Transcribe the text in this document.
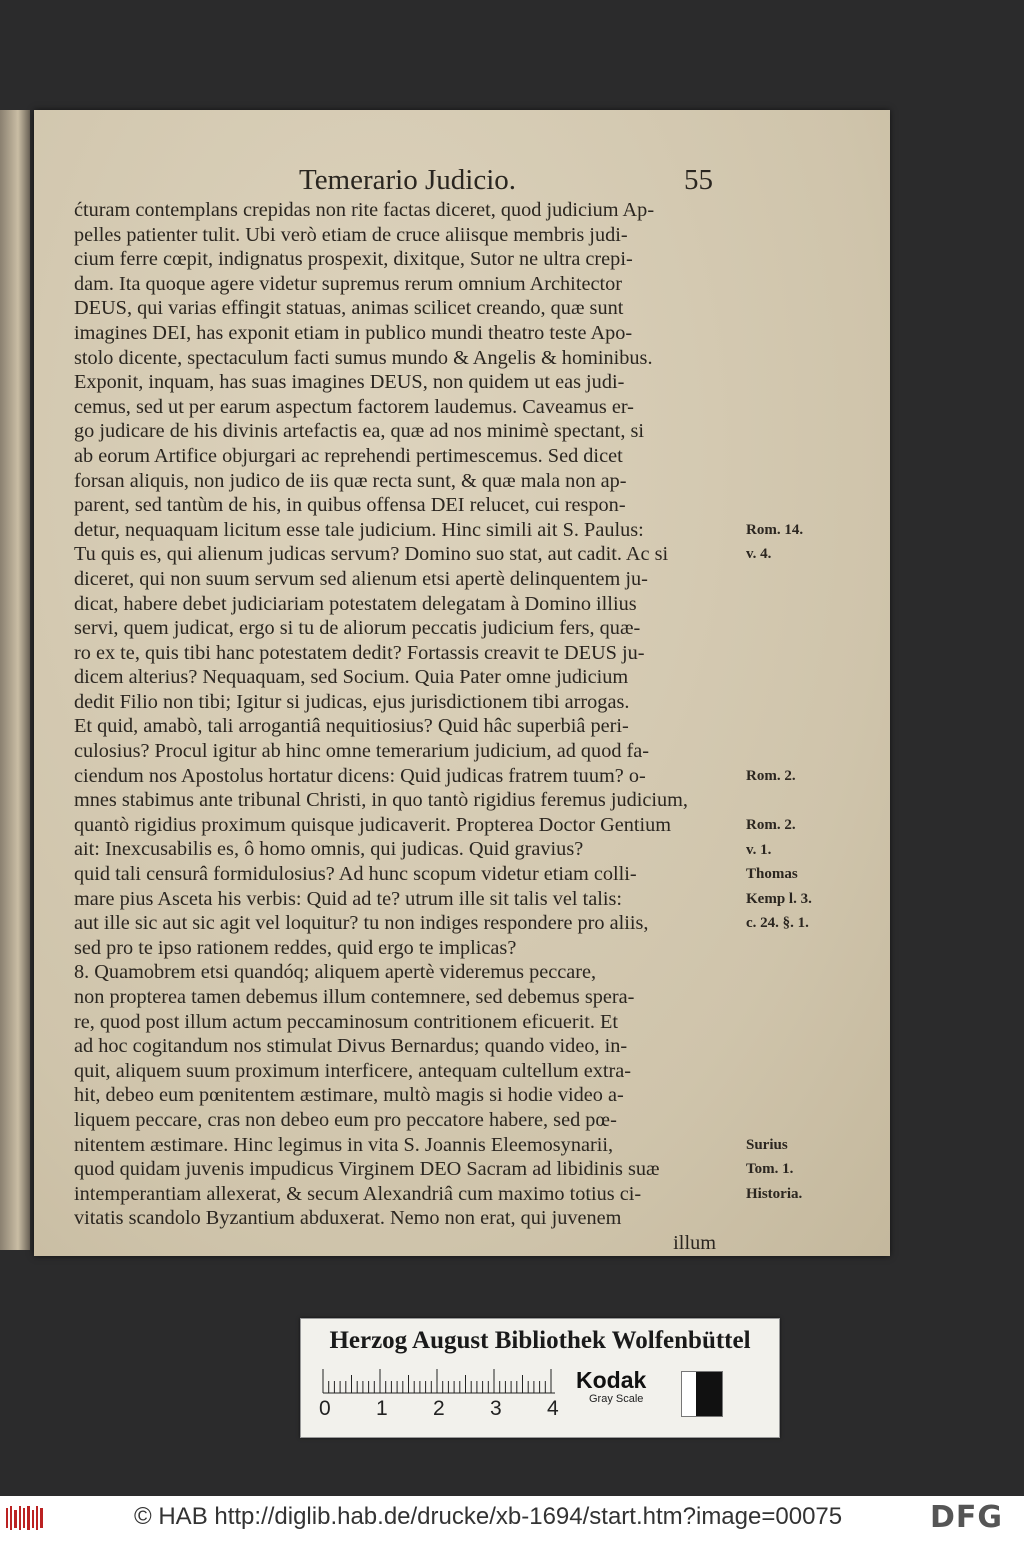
Temerario Judicio.	55
ćturam contemplans crepidas non rite factas diceret, quod judicium Ap-
pelles patienter tulit. Ubi verò etiam de cruce aliisque membris judi-
cium ferre cœpit, indignatus prospexit, dixitque, Sutor ne ultra crepi-
dam. Ita quoque agere videtur supremus rerum omnium Architector
DEUS, qui varias effingit statuas, animas scilicet creando, quæ sunt
imagines DEI, has exponit etiam in publico mundi theatro teste Apo-
stolo dicente, spectaculum facti sumus mundo & Angelis & hominibus.
Exponit, inquam, has suas imagines DEUS, non quidem ut eas judi-
cemus, sed ut per earum aspectum factorem laudemus. Caveamus er-
go judicare de his divinis artefactis ea, quæ ad nos minimè spectant, si
ab eorum Artifice objurgari ac reprehendi pertimescemus. Sed dicet
forsan aliquis, non judico de iis quæ recta sunt, & quæ mala non ap-
parent, sed tantùm de his, in quibus offensa DEI relucet, cui respon-
detur, nequaquam licitum esse tale judicium. Hinc simili ait S. Paulus:
Tu quis es, qui alienum judicas servum? Domino suo stat, aut cadit. Ac si
diceret, qui non suum servum sed alienum etsi apertè delinquentem ju-
dicat, habere debet judiciariam potestatem delegatam à Domino illius
servi, quem judicat, ergo si tu de aliorum peccatis judicium fers, quæ-
ro ex te, quis tibi hanc potestatem dedit? Fortassis creavit te DEUS ju-
dicem alterius? Nequaquam, sed Socium. Quia Pater omne judicium
dedit Filio non tibi; Igitur si judicas, ejus jurisdictionem tibi arrogas.
Et quid, amabò, tali arrogantiâ nequitiosius? Quid hâc superbiâ peri-
culosius? Procul igitur ab hinc omne temerarium judicium, ad quod fa-
ciendum nos Apostolus hortatur dicens: Quid judicas fratrem tuum? o-
mnes stabimus ante tribunal Christi, in quo tantò rigidius feremus judicium,
quantò rigidius proximum quisque judicaverit. Propterea Doctor Gentium
ait: Inexcusabilis es, ô homo omnis, qui judicas. Quid gravius?
quid tali censurâ formidulosius? Ad hunc scopum videtur etiam colli-
mare pius Asceta his verbis: Quid ad te? utrum ille sit talis vel talis:
aut ille sic aut sic agit vel loquitur? tu non indiges respondere pro aliis,
sed pro te ipso rationem reddes, quid ergo te implicas?
8. Quamobrem etsi quandóq; aliquem apertè videremus peccare,
non propterea tamen debemus illum contemnere, sed debemus spera-
re, quod post illum actum peccaminosum contritionem eficuerit. Et
ad hoc cogitandum nos stimulat Divus Bernardus; quando video, in-
quit, aliquem suum proximum interficere, antequam cultellum extra-
hit, debeo eum pœnitentem æstimare, multò magis si hodie video a-
liquem peccare, cras non debeo eum pro peccatore habere, sed pœ-
nitentem æstimare. Hinc legimus in vita S. Joannis Eleemosynarii,
quod quidam juvenis impudicus Virginem DEO Sacram ad libidinis suæ
intemperantiam allexerat, & secum Alexandriâ cum maximo totius ci-
vitatis scandolo Byzantium abduxerat. Nemo non erat, qui juvenem
illum
Rom. 14.
v. 4.
Rom. 2.
Rom. 2.
v. 1.
Thomas
Kemp l. 3.
c. 24. §. 1.
Surius
Tom. 1.
Historia.
Herzog August Bibliothek Wolfenbüttel
0 1 2 3 4
Kodak
Gray Scale
© HAB http://diglib.hab.de/drucke/xb-1694/start.htm?image=00075	DFG
